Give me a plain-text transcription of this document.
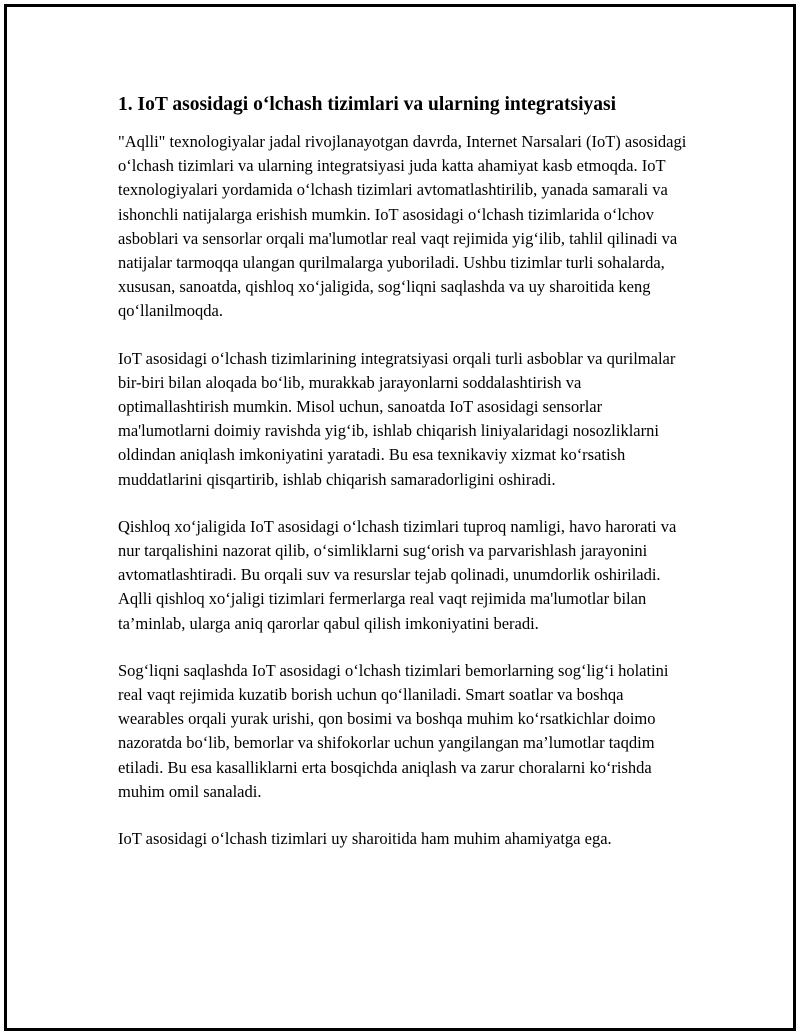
1. IoT asosidagi o‘lchash tizimlari va ularning integratsiyasi

"Aqlli" texnologiyalar jadal rivojlanayotgan davrda, Internet Narsalari (IoT) asosidagi o‘lchash tizimlari va ularning integratsiyasi juda katta ahamiyat kasb etmoqda. IoT texnologiyalari yordamida o‘lchash tizimlari avtomatlashtirilib, yanada samarali va ishonchli natijalarga erishish mumkin. IoT asosidagi o‘lchash tizimlarida o‘lchov asboblari va sensorlar orqali ma'lumotlar real vaqt rejimida yig‘ilib, tahlil qilinadi va natijalar tarmoqqa ulangan qurilmalarga yuboriladi. Ushbu tizimlar turli sohalarda, xususan, sanoatda, qishloq xo‘jaligida, sog‘liqni saqlashda va uy sharoitida keng qo‘llanilmoqda.

IoT asosidagi o‘lchash tizimlarining integratsiyasi orqali turli asboblar va qurilmalar bir-biri bilan aloqada bo‘lib, murakkab jarayonlarni soddalashtirish va optimallashtirish mumkin. Misol uchun, sanoatda IoT asosidagi sensorlar ma'lumotlarni doimiy ravishda yig‘ib, ishlab chiqarish liniyalaridagi nosozliklarni oldindan aniqlash imkoniyatini yaratadi. Bu esa texnikaviy xizmat ko‘rsatish muddatlarini qisqartirib, ishlab chiqarish samaradorligini oshiradi.

Qishloq xo‘jaligida IoT asosidagi o‘lchash tizimlari tuproq namligi, havo harorati va nur tarqalishini nazorat qilib, o‘simliklarni sug‘orish va parvarishlash jarayonini avtomatlashtiradi. Bu orqali suv va resurslar tejab qolinadi, unumdorlik oshiriladi. Aqlli qishloq xo‘jaligi tizimlari fermerlarga real vaqt rejimida ma'lumotlar bilan ta’minlab, ularga aniq qarorlar qabul qilish imkoniyatini beradi.

Sog‘liqni saqlashda IoT asosidagi o‘lchash tizimlari bemorlarning sog‘lig‘i holatini real vaqt rejimida kuzatib borish uchun qo‘llaniladi. Smart soatlar va boshqa wearables orqali yurak urishi, qon bosimi va boshqa muhim ko‘rsatkichlar doimo nazoratda bo‘lib, bemorlar va shifokorlar uchun yangilangan ma’lumotlar taqdim etiladi. Bu esa kasalliklarni erta bosqichda aniqlash va zarur choralarni ko‘rishda muhim omil sanaladi.

IoT asosidagi o‘lchash tizimlari uy sharoitida ham muhim ahamiyatga ega.
